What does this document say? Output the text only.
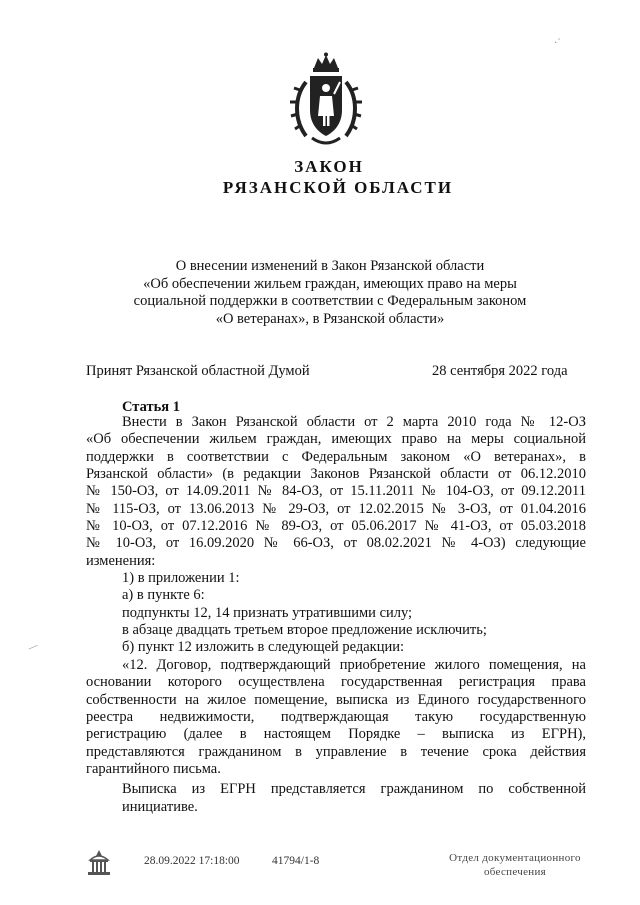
·´
ЗАКОН
РЯЗАНСКОЙ ОБЛАСТИ
О внесении изменений в Закон Рязанской области
«Об обеспечении жильем граждан, имеющих право на меры
социальной поддержки в соответствии с Федеральным законом
«О ветеранах», в Рязанской области»
Принят Рязанской областной Думой	28 сентября 2022 года
Статья 1

Внести в Закон Рязанской области от 2 марта 2010 года № 12-ОЗ

«Об обеспечении жильем граждан, имеющих право на меры социальной

поддержки в соответствии с Федеральным законом «О ветеранах», в

Рязанской области» (в редакции Законов Рязанской области от 06.12.2010

№ 150-ОЗ, от 14.09.2011 № 84-ОЗ, от 15.11.2011 № 104-ОЗ, от 09.12.2011

№ 115-ОЗ, от 13.06.2013 № 29-ОЗ, от 12.02.2015 № 3-ОЗ, от 01.04.2016

№ 10-ОЗ, от 07.12.2016 № 89-ОЗ, от 05.06.2017 № 41-ОЗ, от 05.03.2018

№ 10-ОЗ, от 16.09.2020 № 66-ОЗ, от 08.02.2021 № 4-ОЗ) следующие

изменения:

1) в приложении 1:

а) в пункте 6:

подпункты 12, 14 признать утратившими силу;

в абзаце двадцать третьем второе предложение исключить;

б) пункт 12 изложить в следующей редакции:

«12. Договор, подтверждающий приобретение жилого помещения, на

основании которого осуществлена государственная регистрация права

собственности на жилое помещение, выписка из Единого государственного

реестра недвижимости, подтверждающая такую государственную

регистрацию (далее в настоящем Порядке – выписка из ЕГРН),

представляются гражданином в управление в течение срока действия

гарантийного письма.

Выписка из ЕГРН представляется гражданином по собственной

инициативе.

⁄
28.09.2022 17:18:00	41794/1-8	Отдел документационного
обеспечения
